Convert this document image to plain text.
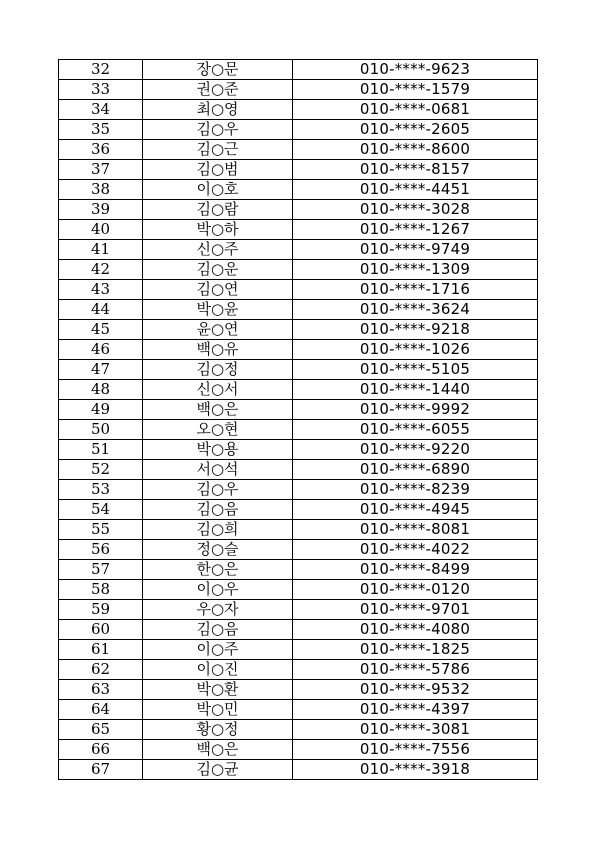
32	장○문	010-****-9623
33	권○준	010-****-1579
34	최○영	010-****-0681
35	김○우	010-****-2605
36	김○근	010-****-8600
37	김○범	010-****-8157
38	이○호	010-****-4451
39	김○람	010-****-3028
40	박○하	010-****-1267
41	신○주	010-****-9749
42	김○운	010-****-1309
43	김○연	010-****-1716
44	박○윤	010-****-3624
45	윤○연	010-****-9218
46	백○유	010-****-1026
47	김○정	010-****-5105
48	신○서	010-****-1440
49	백○은	010-****-9992
50	오○현	010-****-6055
51	박○용	010-****-9220
52	서○석	010-****-6890
53	김○우	010-****-8239
54	김○음	010-****-4945
55	김○희	010-****-8081
56	정○슬	010-****-4022
57	한○은	010-****-8499
58	이○우	010-****-0120
59	우○자	010-****-9701
60	김○음	010-****-4080
61	이○주	010-****-1825
62	이○진	010-****-5786
63	박○환	010-****-9532
64	박○민	010-****-4397
65	황○정	010-****-3081
66	백○은	010-****-7556
67	김○균	010-****-3918
